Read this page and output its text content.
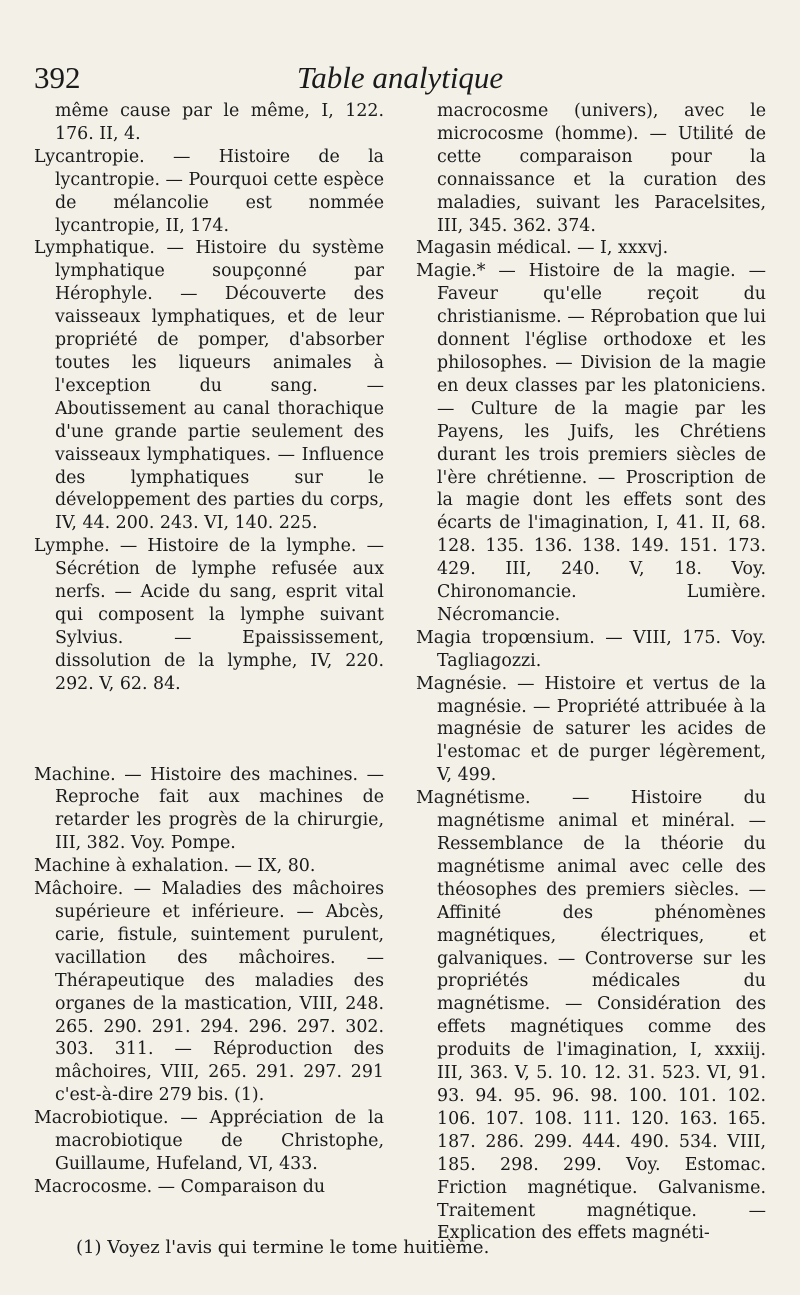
392	Table analytique

même cause par le même, I, 122. 176. II, 4.

Lycantropie. — Histoire de la lycantropie. — Pourquoi cette espèce de mélancolie est nommée lycantropie, II, 174.

Lymphatique. — Histoire du système lymphatique soupçonné par Hérophyle. — Découverte des vaisseaux lymphatiques, et de leur propriété de pomper, d'absorber toutes les liqueurs animales à l'exception du sang. — Aboutissement au canal thorachique d'une grande partie seulement des vaisseaux lymphatiques. — Influence des lymphatiques sur le développement des parties du corps, IV, 44. 200. 243. VI, 140. 225.

Lymphe. — Histoire de la lymphe. — Sécrétion de lymphe refusée aux nerfs. — Acide du sang, esprit vital qui composent la lymphe suivant Sylvius. — Epaississement, dissolution de la lymphe, IV, 220. 292. V, 62. 84.

Machine. — Histoire des machines. — Reproche fait aux machines de retarder les progrès de la chirurgie, III, 382. Voy. Pompe.

Machine à exhalation. — IX, 80.

Mâchoire. — Maladies des mâchoires supérieure et inférieure. — Abcès, carie, fistule, suintement purulent, vacillation des mâchoires. — Thérapeutique des maladies des organes de la mastication, VIII, 248. 265. 290. 291. 294. 296. 297. 302. 303. 311. — Réproduction des mâchoires, VIII, 265. 291. 297. 291 c'est-à-dire 279 bis. (1).

Macrobiotique. — Appréciation de la macrobiotique de Christophe, Guillaume, Hufeland, VI, 433.

Macrocosme. — Comparaison du

macrocosme (univers), avec le microcosme (homme). — Utilité de cette comparaison pour la connaissance et la curation des maladies, suivant les Paracelsites, III, 345. 362. 374.

Magasin médical. — I, xxxvj.

Magie.* — Histoire de la magie. — Faveur qu'elle reçoit du christianisme. — Réprobation que lui donnent l'église orthodoxe et les philosophes. — Division de la magie en deux classes par les platoniciens. — Culture de la magie par les Payens, les Juifs, les Chrétiens durant les trois premiers siècles de l'ère chrétienne. — Proscription de la magie dont les effets sont des écarts de l'imagination, I, 41. II, 68. 128. 135. 136. 138. 149. 151. 173. 429. III, 240. V, 18. Voy. Chironomancie. Lumière. Nécromancie.

Magia tropœnsium. — VIII, 175. Voy. Tagliagozzi.

Magnésie. — Histoire et vertus de la magnésie. — Propriété attribuée à la magnésie de saturer les acides de l'estomac et de purger légèrement, V, 499.

Magnétisme. — Histoire du magnétisme animal et minéral. — Ressemblance de la théorie du magnétisme animal avec celle des théosophes des premiers siècles. — Affinité des phénomènes magnétiques, électriques, et galvaniques. — Controverse sur les propriétés médicales du magnétisme. — Considération des effets magnétiques comme des produits de l'imagination, I, xxxiij. III, 363. V, 5. 10. 12. 31. 523. VI, 91. 93. 94. 95. 96. 98. 100. 101. 102. 106. 107. 108. 111. 120. 163. 165. 187. 286. 299. 444. 490. 534. VIII, 185. 298. 299. Voy. Estomac. Friction magnétique. Galvanisme. Traitement magnétique. — Explication des effets magnéti-

(1) Voyez l'avis qui termine le tome huitième.
